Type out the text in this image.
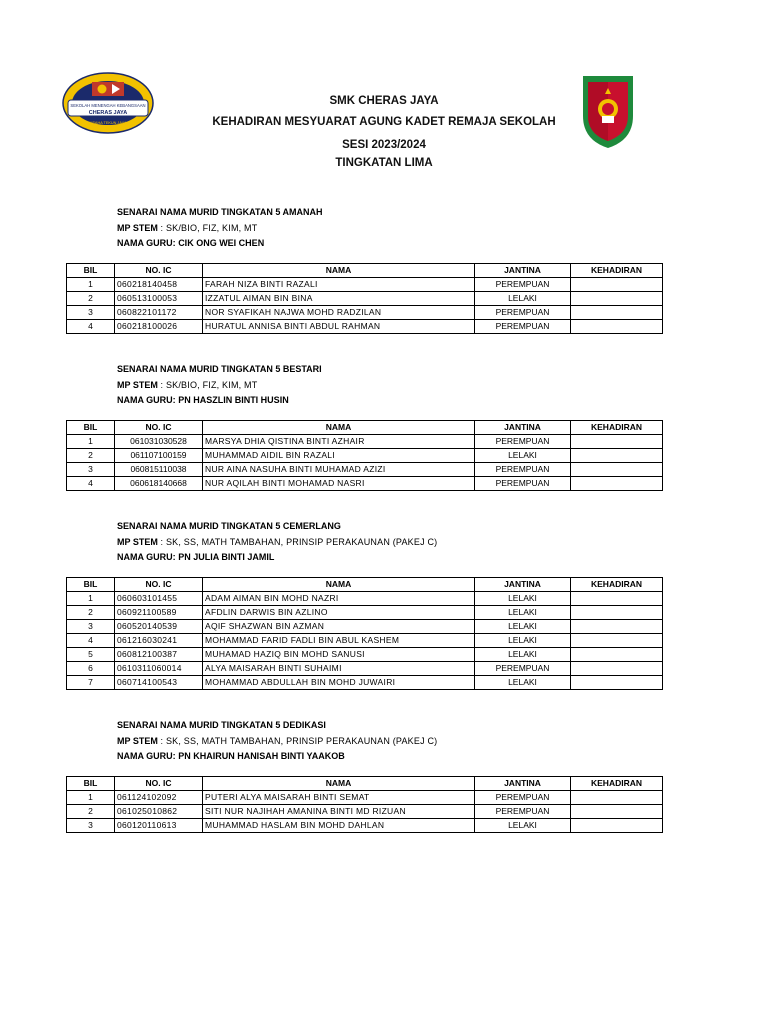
SEKOLAH MENENGAH KEBANGSAAN
CHERAS JAYA
USAHA TEKUN JAYA
SMK CHERAS JAYA
KEHADIRAN MESYUARAT AGUNG KADET REMAJA SEKOLAH
SESI 2023/2024
TINGKATAN LIMA
SENARAI NAMA MURID TINGKATAN 5 AMANAH
MP STEM : SK/BIO, FIZ, KIM, MT
NAMA GURU: CIK ONG WEI CHEN
BIL	NO. IC	NAMA	JANTINA	KEHADIRAN
1	060218140458	FARAH NIZA BINTI RAZALI	PEREMPUAN	
2	060513100053	IZZATUL AIMAN BIN BINA	LELAKI	
3	060822101172	NOR SYAFIKAH NAJWA MOHD RADZILAN	PEREMPUAN	
4	060218100026	HURATUL ANNISA BINTI ABDUL RAHMAN	PEREMPUAN	
SENARAI NAMA MURID TINGKATAN 5 BESTARI
MP STEM : SK/BIO, FIZ, KIM, MT
NAMA GURU: PN HASZLIN BINTI HUSIN
BIL	NO. IC	NAMA	JANTINA	KEHADIRAN
1	061031030528	MARSYA DHIA QISTINA BINTI AZHAIR	PEREMPUAN	
2	061107100159	MUHAMMAD AIDIL BIN RAZALI	LELAKI	
3	060815110038	NUR AINA NASUHA BINTI MUHAMAD AZIZI	PEREMPUAN	
4	060618140668	NUR AQILAH BINTI MOHAMAD NASRI	PEREMPUAN	
SENARAI NAMA MURID TINGKATAN 5 CEMERLANG
MP STEM : SK, SS, MATH TAMBAHAN, PRINSIP PERAKAUNAN (PAKEJ C)
NAMA GURU: PN JULIA BINTI JAMIL
BIL	NO. IC	NAMA	JANTINA	KEHADIRAN
1	060603101455	ADAM AIMAN BIN MOHD NAZRI	LELAKI	
2	060921100589	AFDLIN DARWIS BIN AZLINO	LELAKI	
3	060520140539	AQIF SHAZWAN BIN AZMAN	LELAKI	
4	061216030241	MOHAMMAD FARID FADLI BIN ABUL KASHEM	LELAKI	
5	060812100387	MUHAMAD HAZIQ BIN MOHD SANUSI	LELAKI	
6	0610311060014	ALYA MAISARAH BINTI SUHAIMI	PEREMPUAN	
7	060714100543	MOHAMMAD ABDULLAH BIN MOHD JUWAIRI	LELAKI	
SENARAI NAMA MURID TINGKATAN 5 DEDIKASI
MP STEM : SK, SS, MATH TAMBAHAN, PRINSIP PERAKAUNAN (PAKEJ C)
NAMA GURU: PN KHAIRUN HANISAH BINTI YAAKOB
BIL	NO. IC	NAMA	JANTINA	KEHADIRAN
1	061124102092	PUTERI ALYA MAISARAH BINTI SEMAT	PEREMPUAN	
2	061025010862	SITI NUR NAJIHAH AMANINA BINTI MD RIZUAN	PEREMPUAN	
3	060120110613	MUHAMMAD HASLAM BIN MOHD DAHLAN	LELAKI	
